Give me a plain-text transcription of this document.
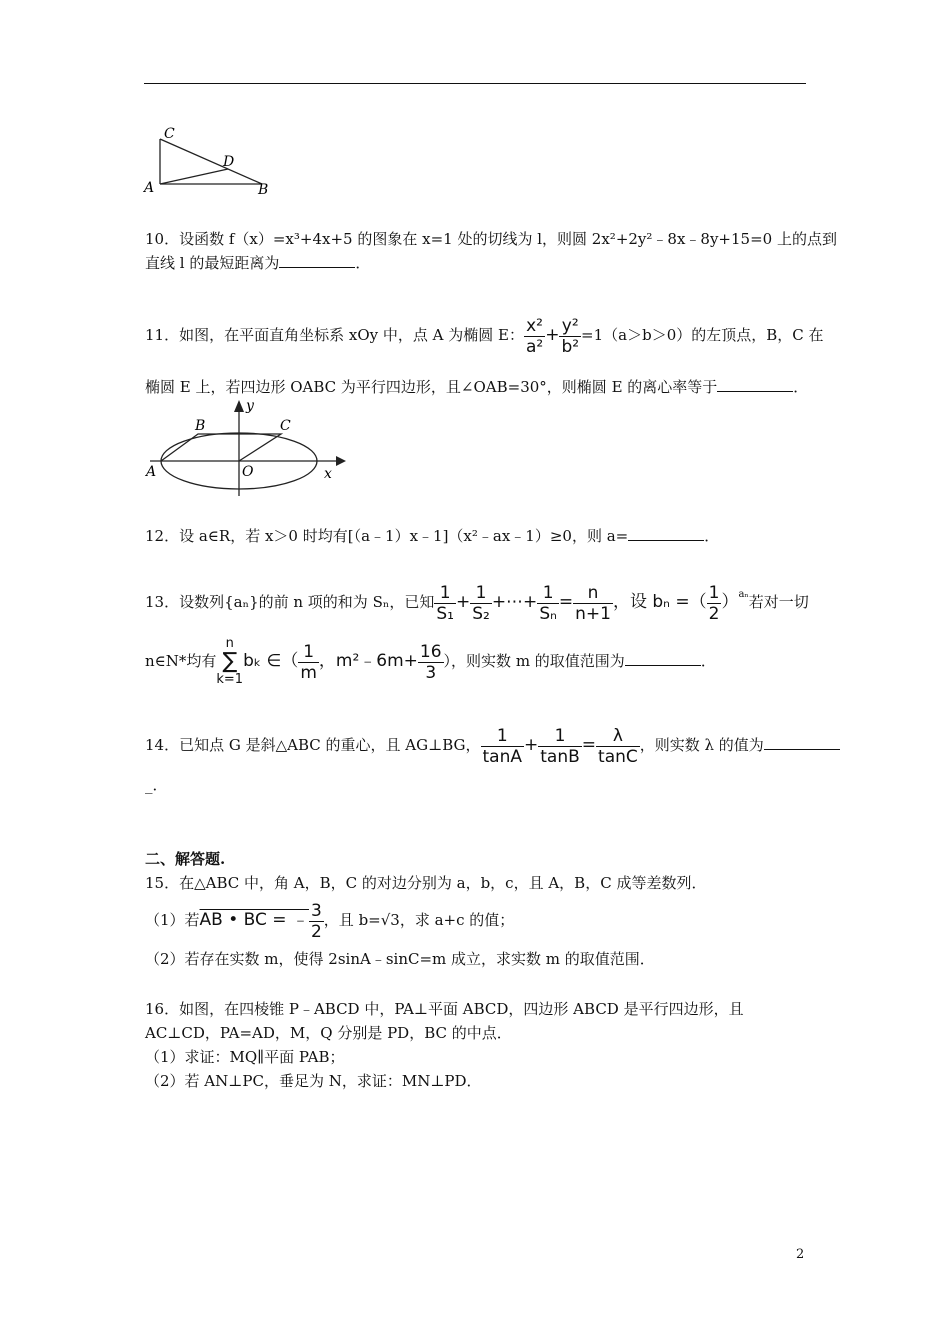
C
D
A	B
10．设函数 f（x）=x³+4x+5 的图象在 x=1 处的切线为 l，则圆 2x²+2y²﹣8x﹣8y+15=0 上的点到
直线 l 的最短距离为	．
11．如图，在平面直角坐标系 xOy 中，点 A 为椭圆 E： $\frac{\text{x²}}{\text{a²}} + \frac{\text{y²}}{\text{b²}} =1(a>b>0)$的左顶点，B，C 在
椭圆 E 上，若四边形 OABC 为平行四边形，且∠OAB=30°，则椭圆 E 的离心率等于	．
y
B	C
A	O	x
12．设 a∈R，若 x＞0 时均有[（a﹣1）x﹣1]（x²﹣ax﹣1）≥0，则 a=	．
13．设数列{aₙ}的前 n 项的和为 Sₙ，已知 $\frac{1}{\text{S₁}} + \frac{1}{\text{S₂}}$ +⋯+ $\frac{1}{\text{Sₙ}} = \frac{n}{n+1}$ ，设 bₙ =（ $\frac{1}{2} )^{a_n}$若对一切
n∈N*均有
n
∑
k=1
bₖ ∈（ $\frac{1}{m}$ ，m²﹣6m+ $\frac{16}{3}$ ），则实数 m 的取值范围为	．
14．已知点 G 是斜△ABC 的重心，且 AG⊥BG， $\frac{1}{\tan A} + \frac{1}{\tan B} = \frac{\lambda}{\tan C}$ ，则实数 λ 的值为
_．
二、解答题.
15．在△ABC 中，角 A，B，C 的对边分别为 a，b，c，且 A，B，C 成等差数列．
（1）若AB • BC = ﹣ $\frac{3}{2}$ ，且 b=√3，求 a+c 的值；
（2）若存在实数 m，使得 2sinA﹣sinC=m 成立，求实数 m 的取值范围．
16．如图，在四棱锥 P﹣ABCD 中，PA⊥平面 ABCD，四边形 ABCD 是平行四边形，且
AC⊥CD，PA=AD，M，Q 分别是 PD，BC 的中点．
（1）求证：MQ∥平面 PAB；
（2）若 AN⊥PC，垂足为 N，求证：MN⊥PD．
2
